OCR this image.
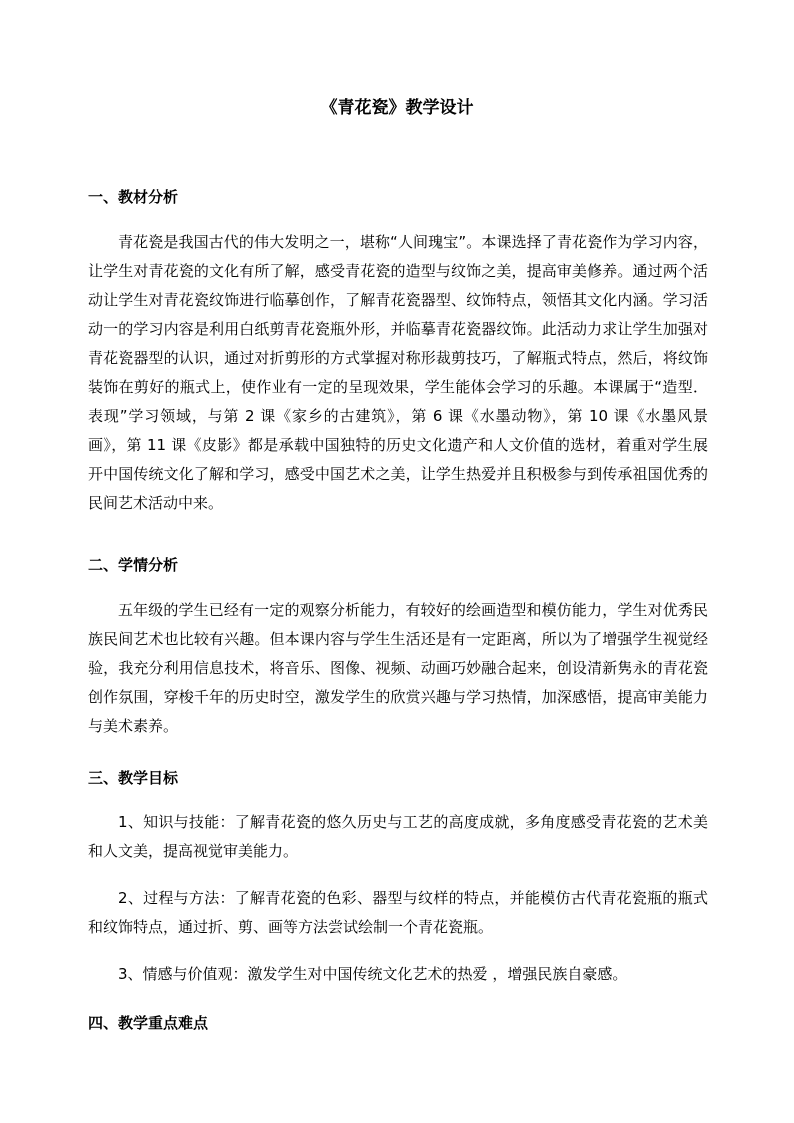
《青花瓷》教学设计
一、教材分析

青花瓷是我国古代的伟大发明之一，堪称“人间瑰宝”。本课选择了青花瓷作为学习内容，让学生对青花瓷的文化有所了解，感受青花瓷的造型与纹饰之美，提高审美修养。通过两个活动让学生对青花瓷纹饰进行临摹创作，了解青花瓷器型、纹饰特点，领悟其文化内涵。学习活动一的学习内容是利用白纸剪青花瓷瓶外形，并临摹青花瓷器纹饰。此活动力求让学生加强对青花瓷器型的认识，通过对折剪形的方式掌握对称形裁剪技巧，了解瓶式特点，然后，将纹饰装饰在剪好的瓶式上，使作业有一定的呈现效果，学生能体会学习的乐趣。本课属于“造型．表现”学习领域，与第 2 课《家乡的古建筑》，第 6 课《水墨动物》，第 10 课《水墨风景画》，第 11 课《皮影》都是承载中国独特的历史文化遗产和人文价值的选材，着重对学生展开中国传统文化了解和学习，感受中国艺术之美，让学生热爱并且积极参与到传承祖国优秀的民间艺术活动中来。

二、学情分析

五年级的学生已经有一定的观察分析能力，有较好的绘画造型和模仿能力，学生对优秀民族民间艺术也比较有兴趣。但本课内容与学生生活还是有一定距离，所以为了增强学生视觉经验，我充分利用信息技术，将音乐、图像、视频、动画巧妙融合起来，创设清新隽永的青花瓷创作氛围，穿梭千年的历史时空，激发学生的欣赏兴趣与学习热情，加深感悟，提高审美能力与美术素养。

三、教学目标

1、知识与技能：了解青花瓷的悠久历史与工艺的高度成就，多角度感受青花瓷的艺术美和人文美，提高视觉审美能力。

2、过程与方法：了解青花瓷的色彩、器型与纹样的特点，并能模仿古代青花瓷瓶的瓶式和纹饰特点，通过折、剪、画等方法尝试绘制一个青花瓷瓶。

3、情感与价值观：激发学生对中国传统文化艺术的热爱 ，增强民族自豪感。

四、教学重点难点
